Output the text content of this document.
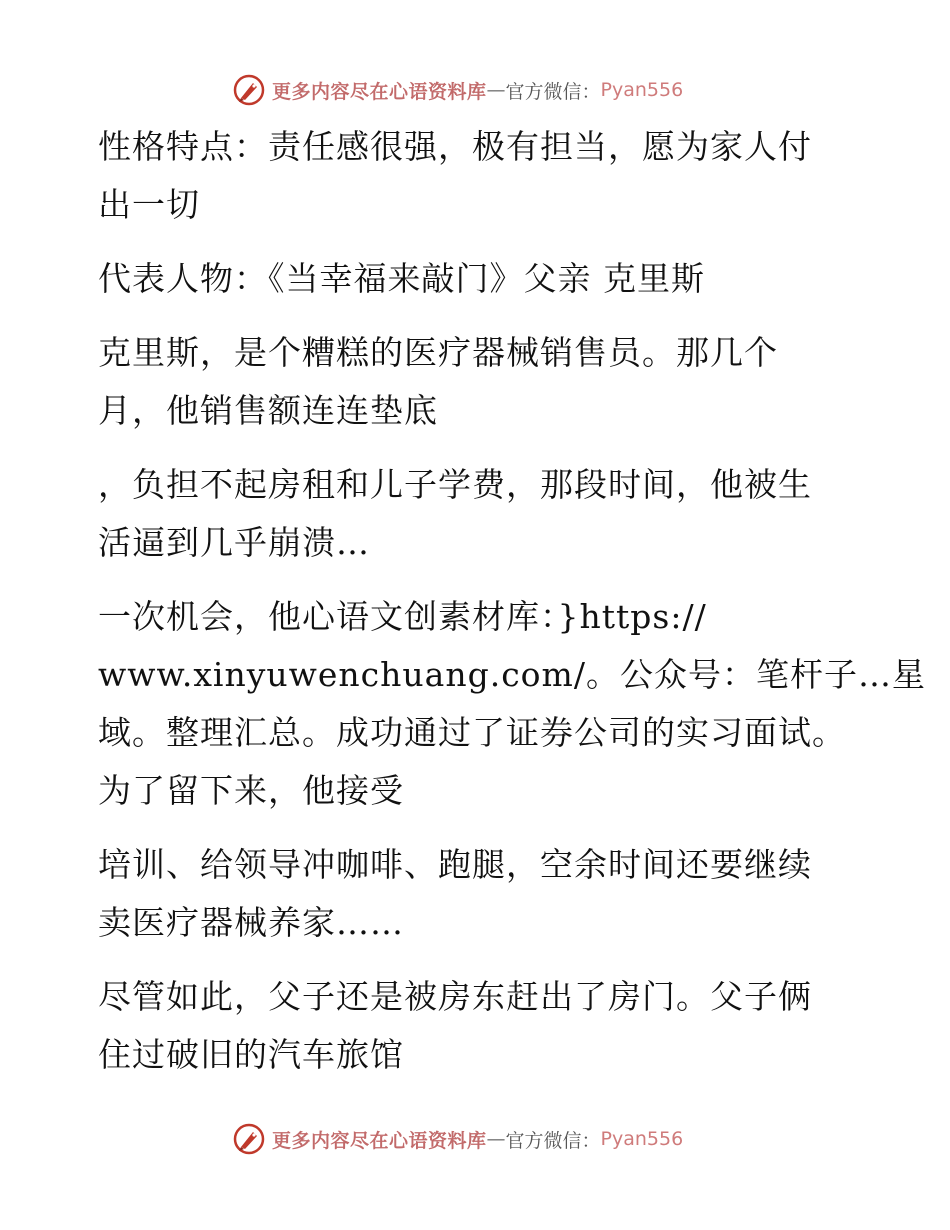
更多内容尽在心语资料库 — 官方微信： Pyan556

性格特点：责任感很强，极有担当，愿为家人付
出一切

代表人物：《当幸福来敲门》父亲 克里斯

克里斯，是个糟糕的医疗器械销售员。那几个
月，他销售额连连垫底

，负担不起房租和儿子学费，那段时间，他被生
活逼到几乎崩溃…

一次机会，他心语文创素材库：}https://
www.xinyuwenchuang.com/。公众号：笔杆子…星
域。整理汇总。成功通过了证券公司的实习面试。
为了留下来，他接受

培训、给领导冲咖啡、跑腿，空余时间还要继续
卖医疗器械养家……

尽管如此，父子还是被房东赶出了房门。父子俩
住过破旧的汽车旅馆

更多内容尽在心语资料库 — 官方微信： Pyan556
